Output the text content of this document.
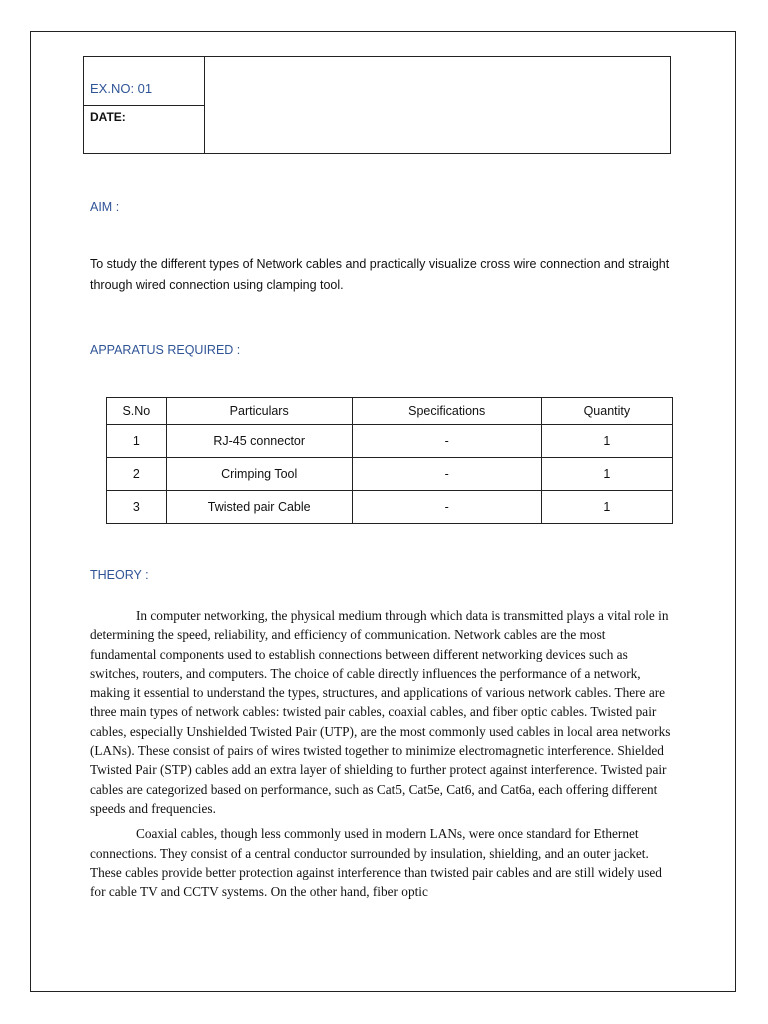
EX.NO: 01
DATE:
AIM :
To study the different types of Network cables and practically visualize cross wire connection and straight through wired connection using clamping tool.
APPARATUS REQUIRED :
S.No	Particulars	Specifications	Quantity
1	RJ-45 connector	-	1
2	Crimping Tool	-	1
3	Twisted pair Cable	-	1
THEORY :

In computer networking, the physical medium through which data is transmitted plays a vital role in determining the speed, reliability, and efficiency of communication. Network cables are the most fundamental components used to establish connections between different networking devices such as switches, routers, and computers. The choice of cable directly influences the performance of a network, making it essential to understand the types, structures, and applications of various network cables. There are three main types of network cables: twisted pair cables, coaxial cables, and fiber optic cables. Twisted pair cables, especially Unshielded Twisted Pair (UTP), are the most commonly used cables in local area networks (LANs). These consist of pairs of wires twisted together to minimize electromagnetic interference. Shielded Twisted Pair (STP) cables add an extra layer of shielding to further protect against interference. Twisted pair cables are categorized based on performance, such as Cat5, Cat5e, Cat6, and Cat6a, each offering different speeds and frequencies.

Coaxial cables, though less commonly used in modern LANs, were once standard for Ethernet connections. They consist of a central conductor surrounded by insulation, shielding, and an outer jacket. These cables provide better protection against interference than twisted pair cables and are still widely used for cable TV and CCTV systems. On the other hand, fiber optic
